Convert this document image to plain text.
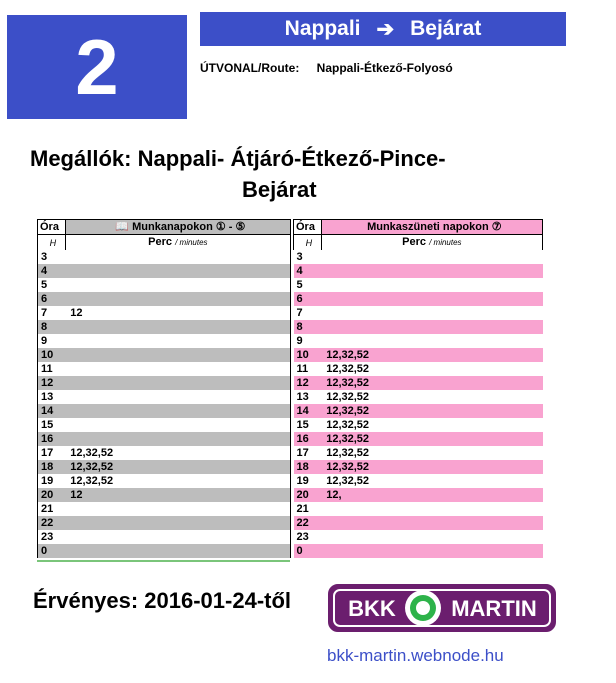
2	Nappali ➔ Bejárat
ÚTVONAL/Route: Nappali-Étkező-Folyosó
Megállók: Nappali- Átjáró-Étkező-Pince-
Bejárat
Óra	📖 Munkanapokon ① - ⑤
H	Perc / minutes
3	
4	
5	
6	
7	12
8	
9	
10	
11	
12	
13	
14	
15	
16	
17	12,32,52
18	12,32,52
19	12,32,52
20	12
21	
22	
23	
0	
Óra	Munkaszüneti napokon ⑦
H	Perc / minutes
3	
4	
5	
6	
7	
8	
9	
10	12,32,52
11	12,32,52
12	12,32,52
13	12,32,52
14	12,32,52
15	12,32,52
16	12,32,52
17	12,32,52
18	12,32,52
19	12,32,52
20	12,
21	
22	
23	
0	
Érvényes: 2016-01-24-től	BKK	MARTIN
bkk-martin.webnode.hu
